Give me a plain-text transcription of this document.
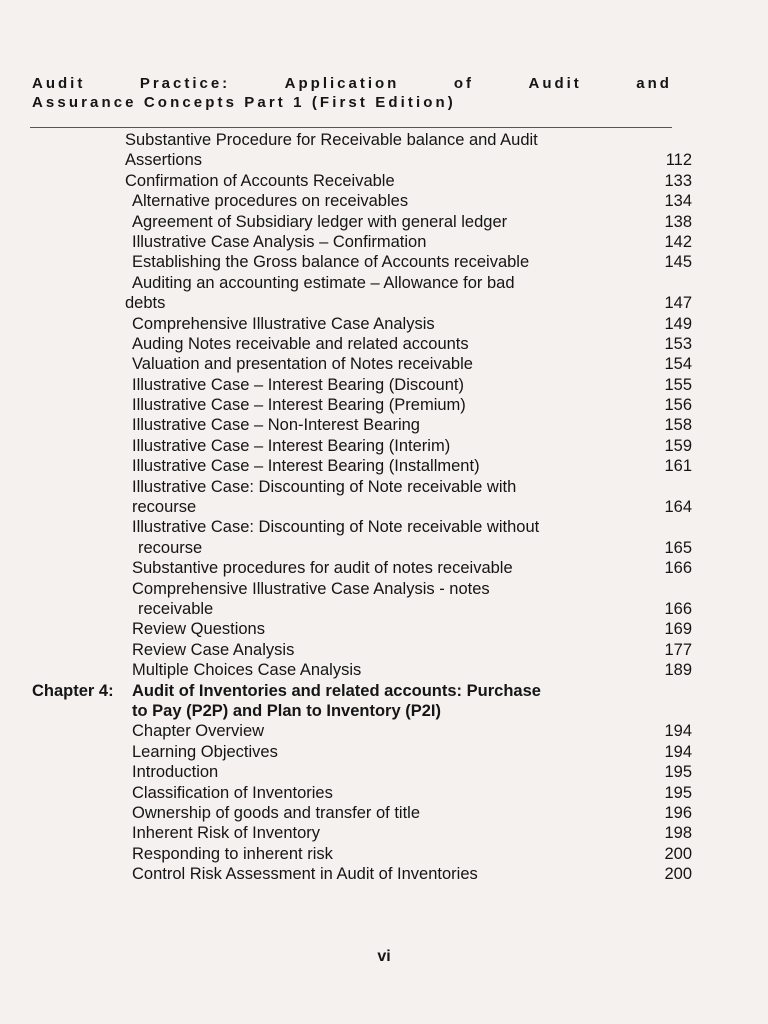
Audit	Practice:	Application	of	Audit	and
Assurance Concepts Part 1 (First Edition)
Substantive Procedure for Receivable balance and Audit
Assertions	112
Confirmation of Accounts Receivable	133
Alternative procedures on receivables	134
Agreement of Subsidiary ledger with general ledger	138
Illustrative Case Analysis – Confirmation	142
Establishing the Gross balance of Accounts receivable	145
Auditing an accounting estimate – Allowance for bad
debts	147
Comprehensive Illustrative Case Analysis	149
Auding Notes receivable and related accounts	153
Valuation and presentation of Notes receivable	154
Illustrative Case – Interest Bearing (Discount)	155
Illustrative Case – Interest Bearing (Premium)	156
Illustrative Case – Non-Interest Bearing	158
Illustrative Case – Interest Bearing (Interim)	159
Illustrative Case – Interest Bearing (Installment)	161
Illustrative Case: Discounting of Note receivable with
recourse	164
Illustrative Case: Discounting of Note receivable without
recourse	165
Substantive procedures for audit of notes receivable	166
Comprehensive Illustrative Case Analysis - notes
receivable	166
Review Questions	169
Review Case Analysis	177
Multiple Choices Case Analysis	189
Chapter 4: Audit of Inventories and related accounts: Purchase
to Pay (P2P) and Plan to Inventory (P2I)
Chapter Overview	194
Learning Objectives	194
Introduction	195
Classification of Inventories	195
Ownership of goods and transfer of title	196
Inherent Risk of Inventory	198
Responding to inherent risk	200
Control Risk Assessment in Audit of Inventories	200
vi
